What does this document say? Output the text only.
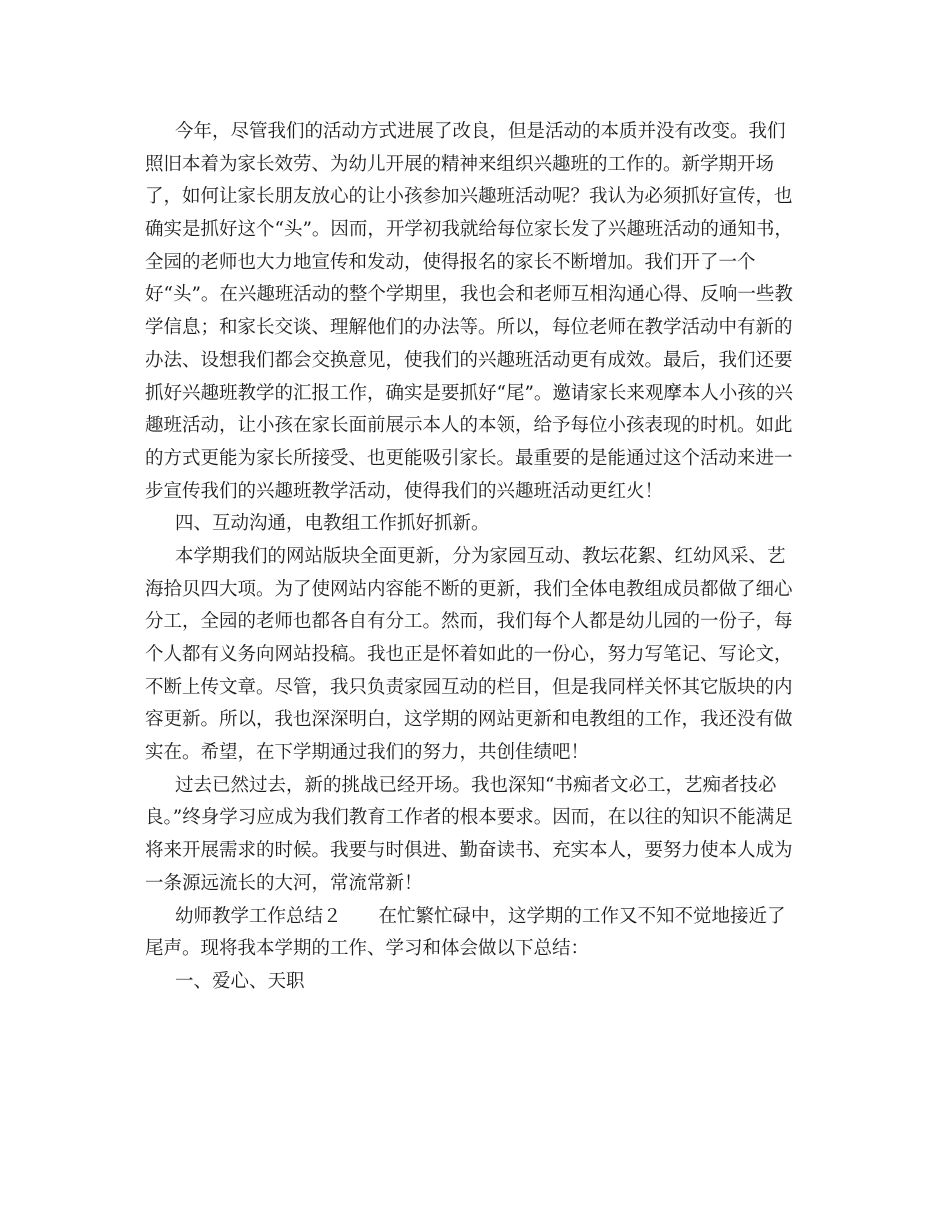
今年，尽管我们的活动方式进展了改良，但是活动的本质并没有改变。我们
照旧本着为家长效劳、为幼儿开展的精神来组织兴趣班的工作的。新学期开场
了，如何让家长朋友放心的让小孩参加兴趣班活动呢？我认为必须抓好宣传，也
确实是抓好这个“头”。因而，开学初我就给每位家长发了兴趣班活动的通知书，
全园的老师也大力地宣传和发动，使得报名的家长不断增加。我们开了一个
好“头”。在兴趣班活动的整个学期里，我也会和老师互相沟通心得、反响一些教
学信息；和家长交谈、理解他们的办法等。所以，每位老师在教学活动中有新的
办法、设想我们都会交换意见，使我们的兴趣班活动更有成效。最后，我们还要
抓好兴趣班教学的汇报工作，确实是要抓好“尾”。邀请家长来观摩本人小孩的兴
趣班活动，让小孩在家长面前展示本人的本领，给予每位小孩表现的时机。如此
的方式更能为家长所接受、也更能吸引家长。最重要的是能通过这个活动来进一
步宣传我们的兴趣班教学活动，使得我们的兴趣班活动更红火！
四、互动沟通，电教组工作抓好抓新。
本学期我们的网站版块全面更新，分为家园互动、教坛花絮、红幼风采、艺
海拾贝四大项。为了使网站内容能不断的更新，我们全体电教组成员都做了细心
分工，全园的老师也都各自有分工。然而，我们每个人都是幼儿园的一份子，每
个人都有义务向网站投稿。我也正是怀着如此的一份心，努力写笔记、写论文，
不断上传文章。尽管，我只负责家园互动的栏目，但是我同样关怀其它版块的内
容更新。所以，我也深深明白，这学期的网站更新和电教组的工作，我还没有做
实在。希望，在下学期通过我们的努力，共创佳绩吧！
过去已然过去，新的挑战已经开场。我也深知“书痴者文必工，艺痴者技必
良。”终身学习应成为我们教育工作者的根本要求。因而，在以往的知识不能满足
将来开展需求的时候。我要与时俱进、勤奋读书、充实本人，要努力使本人成为
一条源远流长的大河，常流常新！
幼师教学工作总结２　　在忙繁忙碌中，这学期的工作又不知不觉地接近了
尾声。现将我本学期的工作、学习和体会做以下总结：
一、爱心、天职
